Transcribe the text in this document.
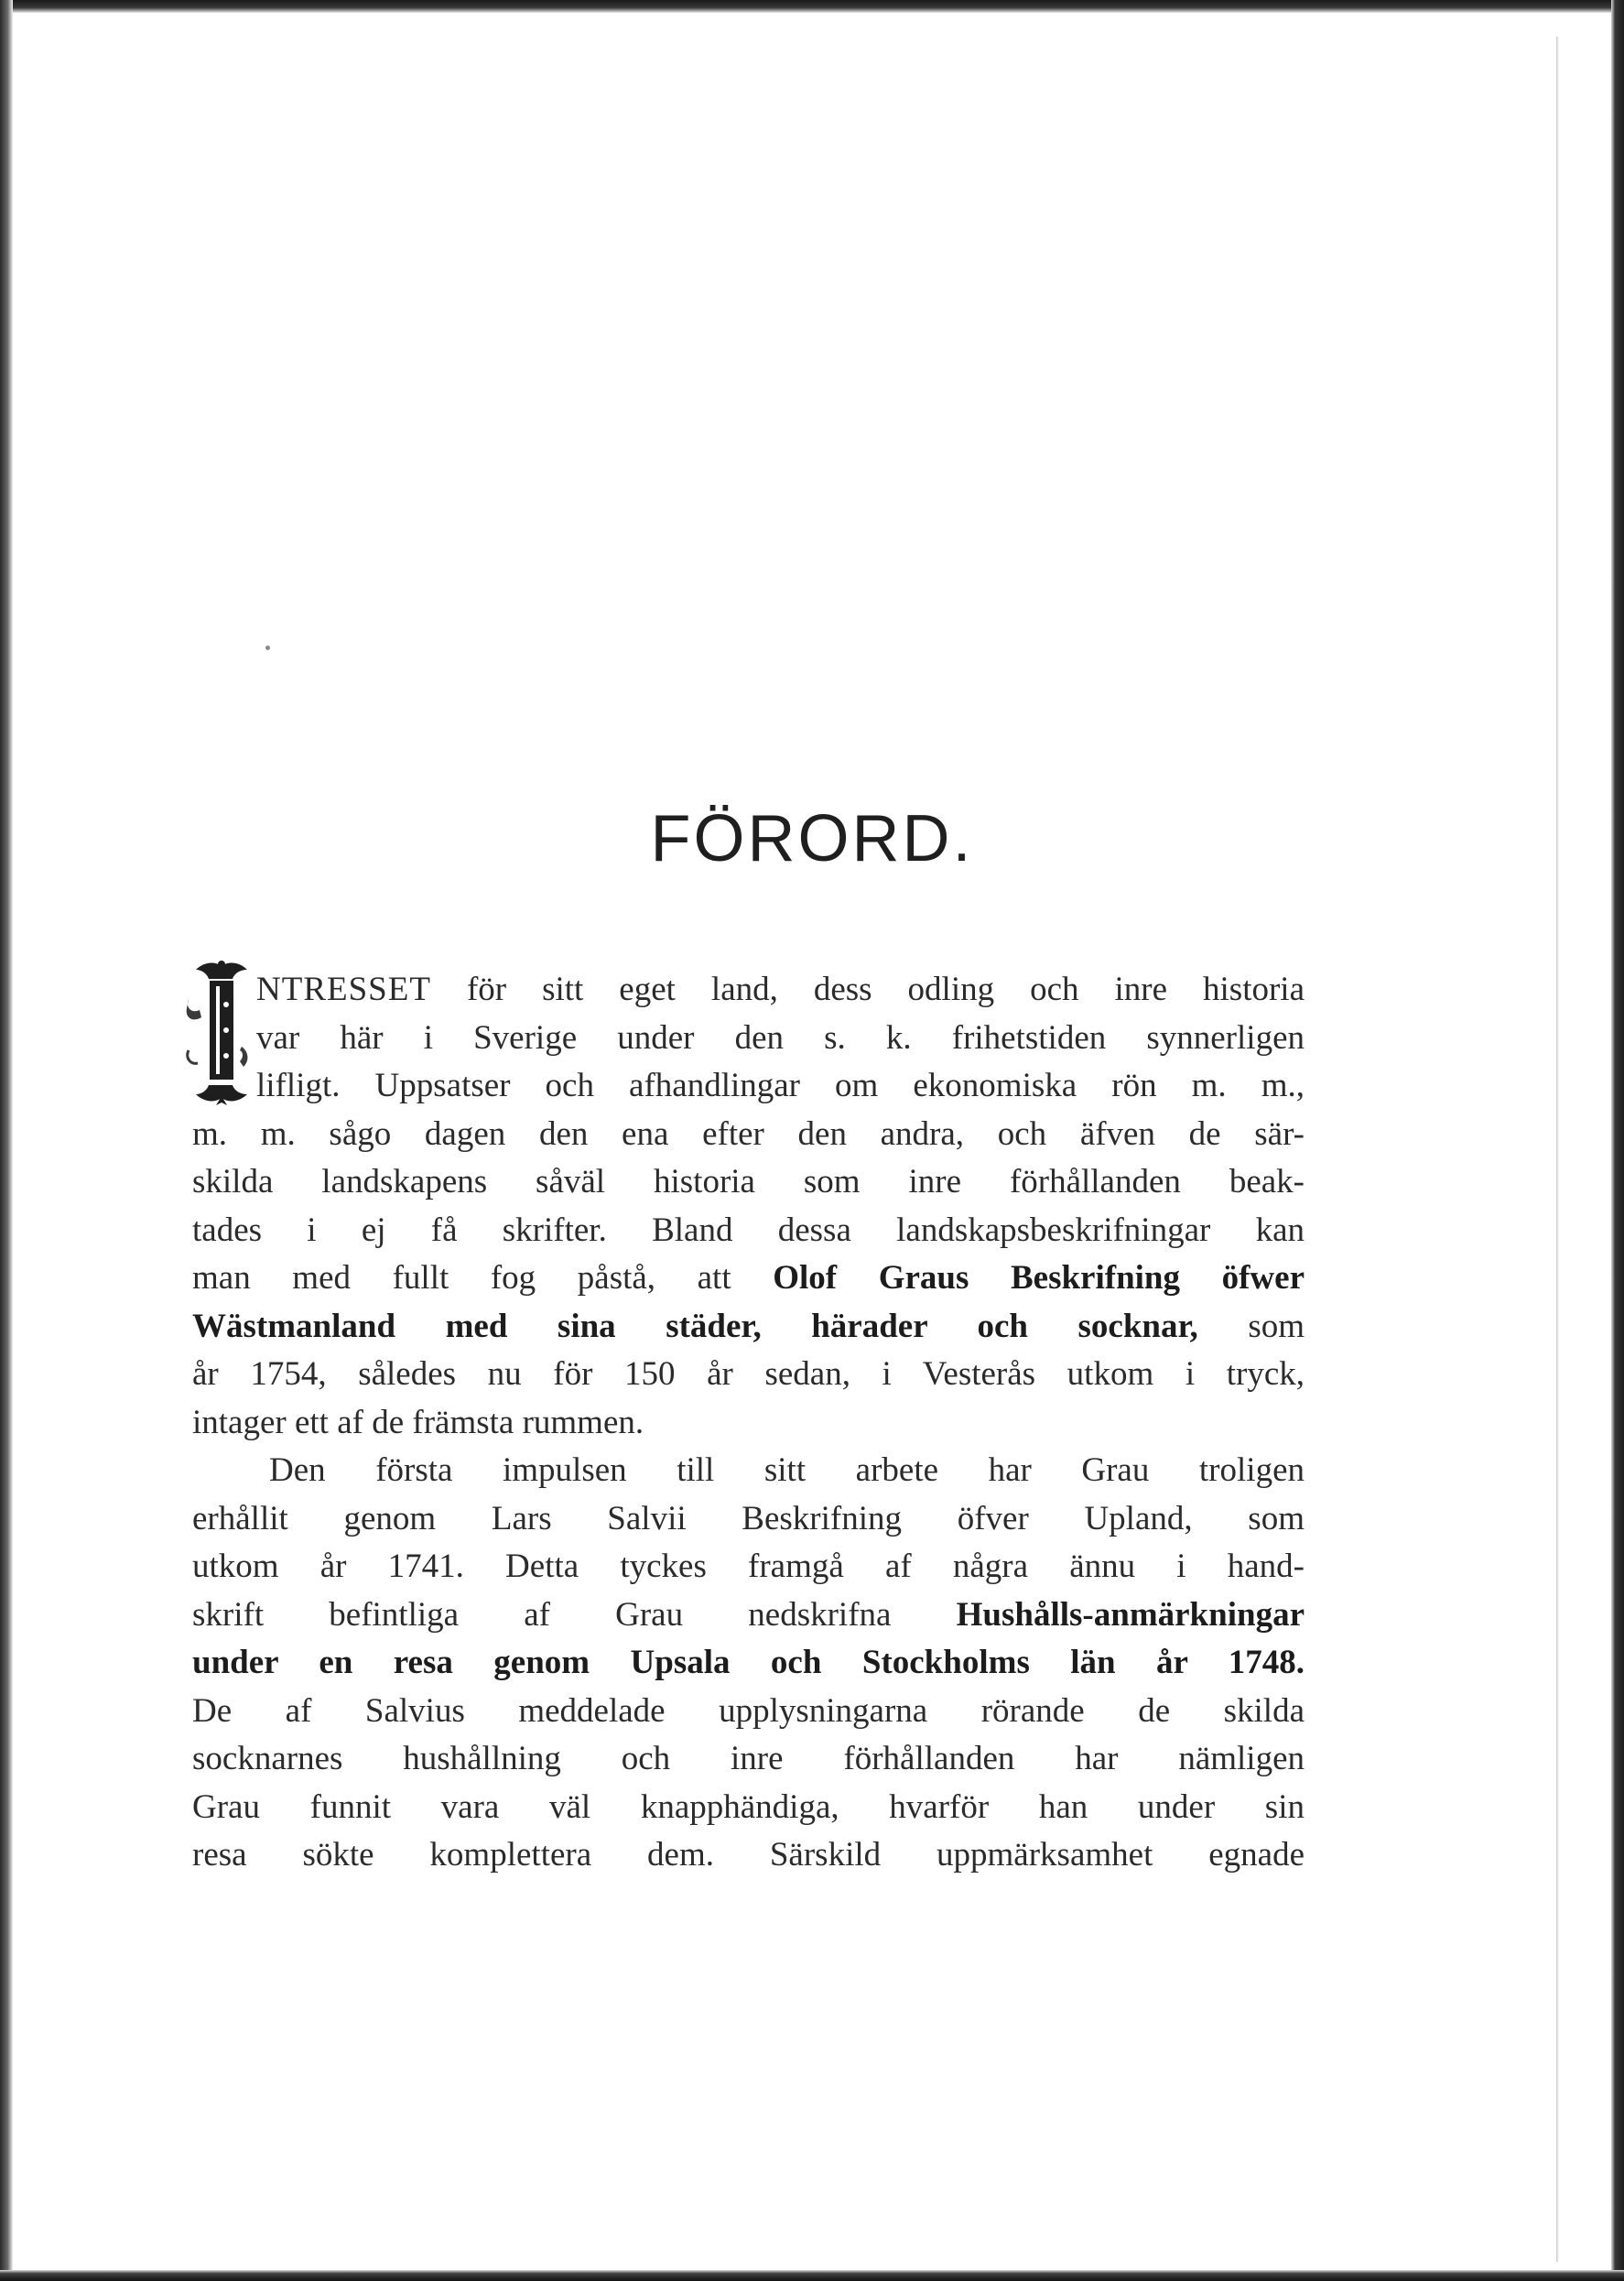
FÖRORD.
NTRESSET för sitt eget land, dess odling och inre historia
var här i Sverige under den s. k. frihetstiden synnerligen
lifligt. Uppsatser och afhandlingar om ekonomiska rön m. m.,
m. m. sågo dagen den ena efter den andra, och äfven de sär-
skilda landskapens såväl historia som inre förhållanden beak-
tades i ej få skrifter. Bland dessa landskapsbeskrifningar kan
man med fullt fog påstå, att Olof Graus Beskrifning öfwer
Wästmanland med sina städer, härader och socknar, som
år 1754, således nu för 150 år sedan, i Vesterås utkom i tryck,
intager ett af de främsta rummen.
Den första impulsen till sitt arbete har Grau troligen
erhållit genom Lars Salvii Beskrifning öfver Upland, som
utkom år 1741. Detta tyckes framgå af några ännu i hand-
skrift befintliga af Grau nedskrifna Hushålls-anmärkningar
under en resa genom Upsala och Stockholms län år 1748.
De af Salvius meddelade upplysningarna rörande de skilda
socknarnes hushållning och inre förhållanden har nämligen
Grau funnit vara väl knapphändiga, hvarför han under sin
resa sökte komplettera dem. Särskild uppmärksamhet egnade
